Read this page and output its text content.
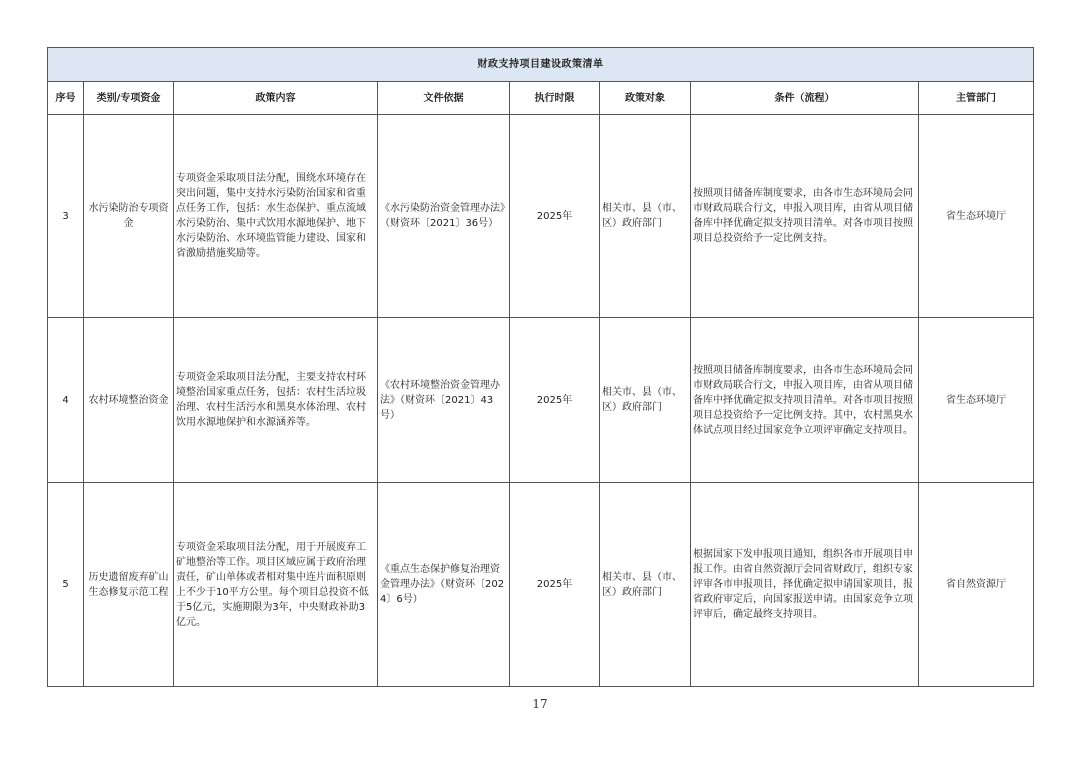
财政支持项目建设政策清单							
序号	类别/专项资金	政策内容	文件依据	执行时限	政策对象	条件（流程）	主管部门
3	水污染防治专项资金	专项资金采取项目法分配，围绕水环境存在突出问题，集中支持水污染防治国家和省重点任务工作，包括：水生态保护、重点流域水污染防治、集中式饮用水源地保护、地下水污染防治、水环境监管能力建设、国家和省激励措施奖励等。	《水污染防治资金管理办法》（财资环〔2021〕36号）	2025年	相关市、县（市、区）政府部门	按照项目储备库制度要求，由各市生态环境局会同市财政局联合行文，申报入项目库，由省从项目储备库中择优确定拟支持项目清单。对各市项目按照项目总投资给予一定比例支持。	省生态环境厅
4	农村环境整治资金	专项资金采取项目法分配，主要支持农村环境整治国家重点任务，包括：农村生活垃圾治理、农村生活污水和黑臭水体治理、农村饮用水源地保护和水源涵养等。	《农村环境整治资金管理办法》（财资环〔2021〕43号）	2025年	相关市、县（市、区）政府部门	按照项目储备库制度要求，由各市生态环境局会同市财政局联合行文，申报入项目库，由省从项目储备库中择优确定拟支持项目清单。对各市项目按照项目总投资给予一定比例支持。其中，农村黑臭水体试点项目经过国家竞争立项评审确定支持项目。	省生态环境厅
5	历史遗留废弃矿山生态修复示范工程	专项资金采取项目法分配，用于开展废弃工矿地整治等工作。项目区域应属于政府治理责任，矿山单体或者相对集中连片面积原则上不少于10平方公里。每个项目总投资不低于5亿元，实施期限为3年，中央财政补助3亿元。	《重点生态保护修复治理资金管理办法》（财资环〔2024〕6号）	2025年	相关市、县（市、区）政府部门	根据国家下发申报项目通知，组织各市开展项目申报工作。由省自然资源厅会同省财政厅，组织专家评审各市申报项目，择优确定拟申请国家项目，报省政府审定后，向国家报送申请。由国家竞争立项评审后，确定最终支持项目。	省自然资源厅
17
